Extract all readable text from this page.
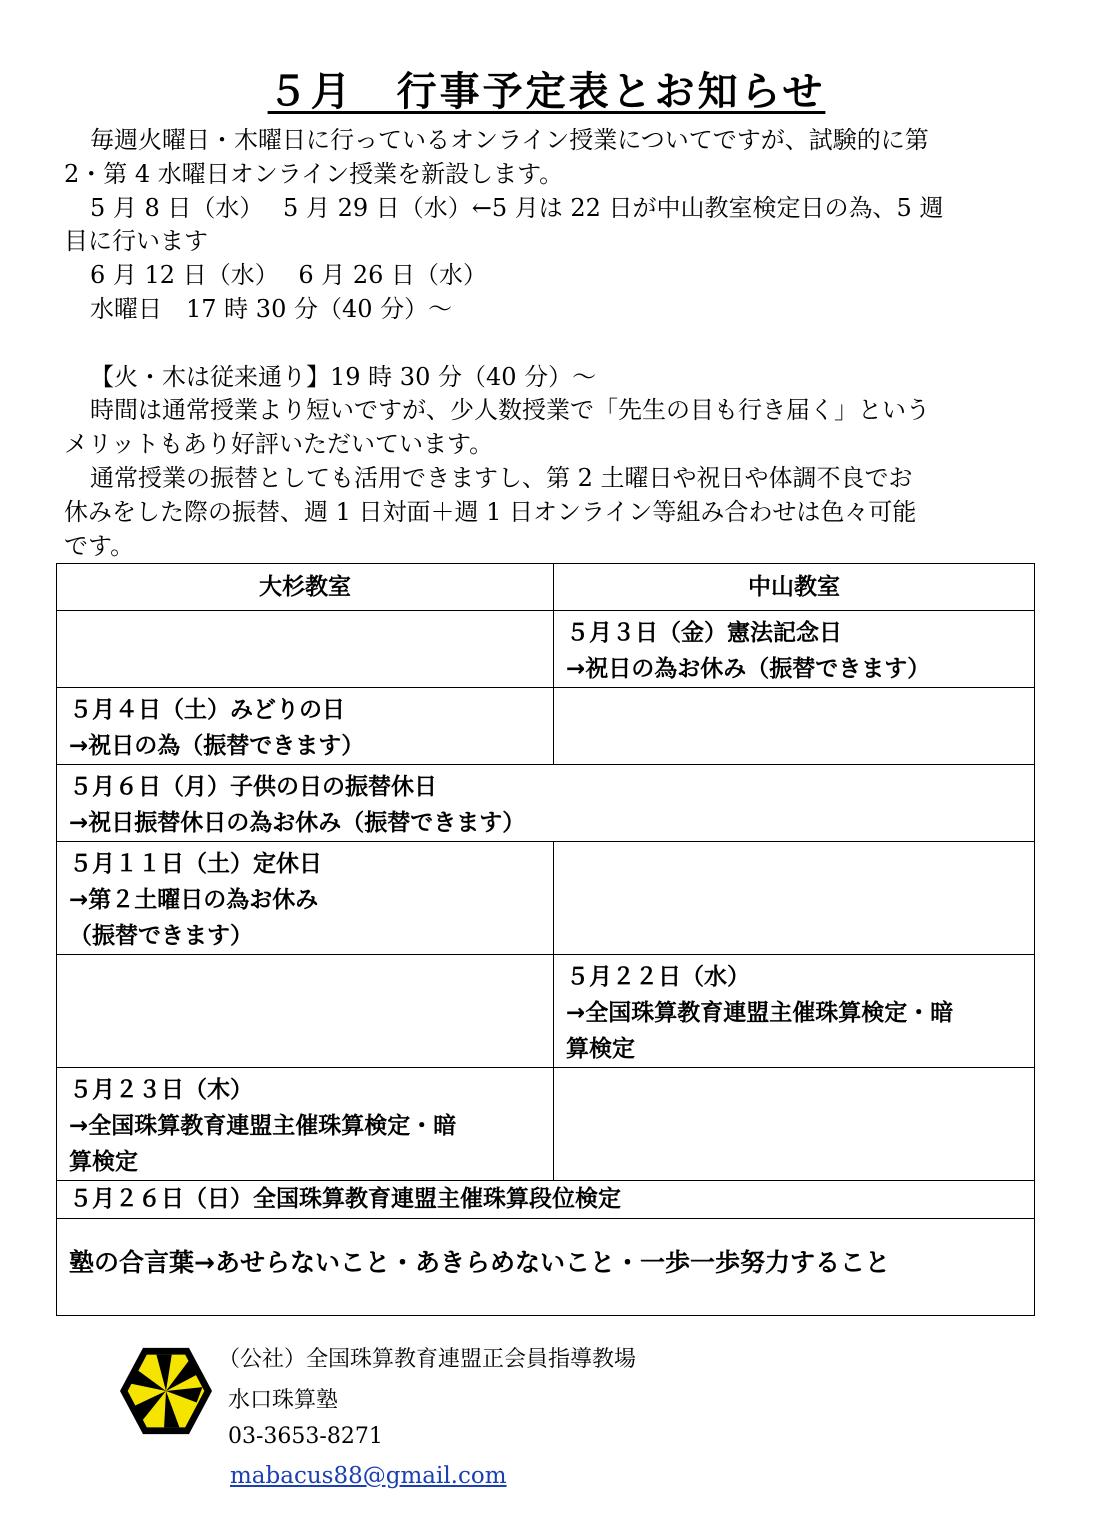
５月　行事予定表とお知らせ

毎週火曜日・木曜日に行っているオンライン授業についてですが、試験的に第

2・第 4 水曜日オンライン授業を新設します。

5 月 8 日（水）　 5 月 29 日（水）←5 月は 22 日が中山教室検定日の為、5 週

目に行います

6 月 12 日（水）　 6 月 26 日（水）

水曜日　17 時 30 分（40 分）～

【火・木は従来通り】19 時 30 分（40 分）～

時間は通常授業より短いですが、少人数授業で「先生の目も行き届く」という

メリットもあり好評いただいています。

通常授業の振替としても活用できますし、第 2 土曜日や祝日や体調不良でお

休みをした際の振替、週 1 日対面＋週 1 日オンライン等組み合わせは色々可能

です。

大杉教室	中山教室

	５月３日（金）憲法記念日
→祝日の為お休み（振替できます）

５月４日（土）みどりの日
→祝日の為（振替できます）	

５月６日（月）子供の日の振替休日
→祝日振替休日の為お休み（振替できます）	

５月１１日（土）定休日
→第２土曜日の為お休み
（振替できます）	

	５月２２日（水）
→全国珠算教育連盟主催珠算検定・暗
算検定

５月２３日（木）
→全国珠算教育連盟主催珠算検定・暗
算検定	

５月２６日（日）全国珠算教育連盟主催珠算段位検定	

塾の合言葉→あせらないこと・あきらめないこと・一歩一歩努力すること	
（公社）全国珠算教育連盟正会員指導教場
水口珠算塾
03-3653-8271
mabacus88@gmail.com
